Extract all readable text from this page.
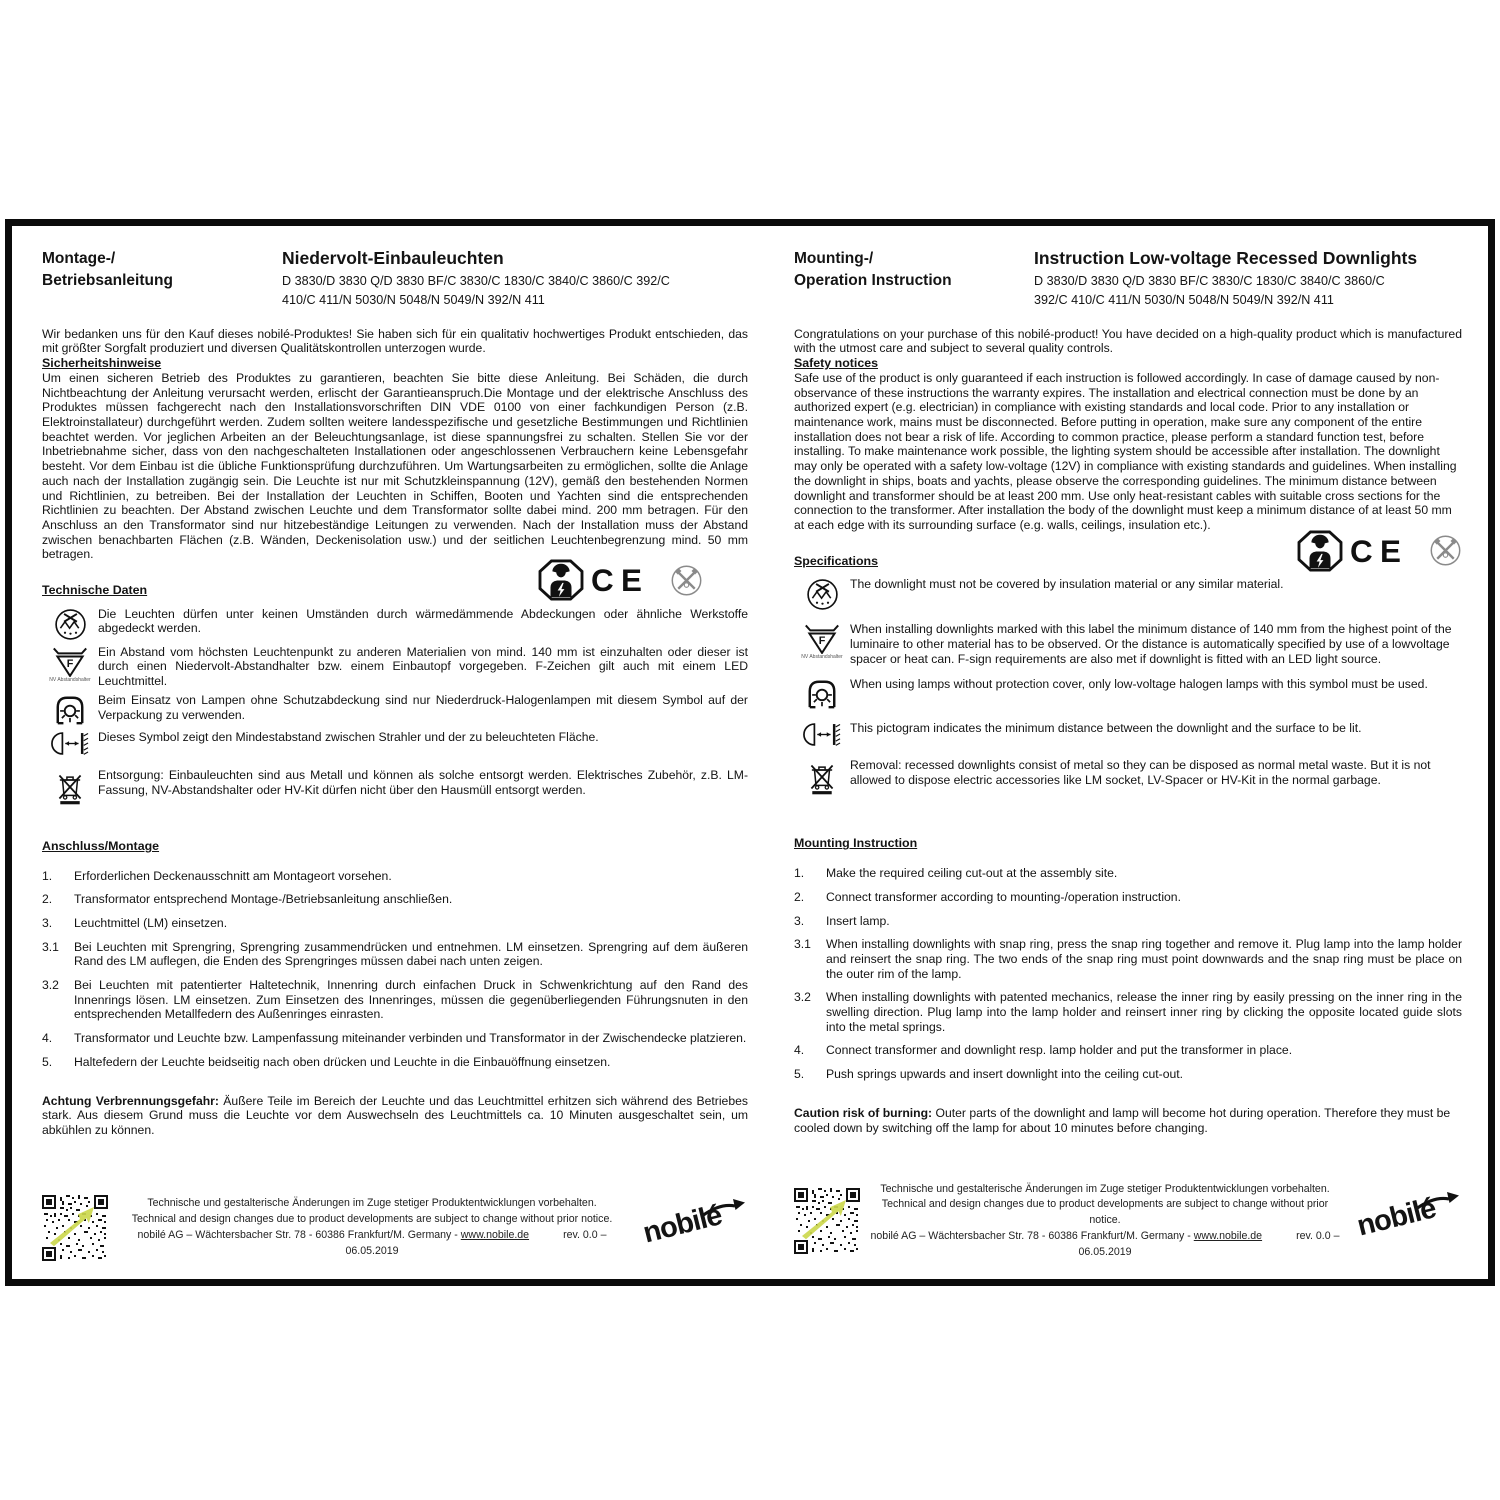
Montage-/
Betriebsanleitung
Niedervolt-Einbauleuchten
D 3830/D 3830 Q/D 3830 BF/C 3830/C 1830/C 3840/C 3860/C 392/C
410/C 411/N 5030/N 5048/N 5049/N 392/N 411
Wir bedanken uns für den Kauf dieses nobilé-Produktes! Sie haben sich für ein qualitativ hochwertiges Produkt entschieden, das mit größter Sorgfalt produziert und diversen Qualitätskontrollen unterzogen wurde.
Sicherheitshinweise
Um einen sicheren Betrieb des Produktes zu garantieren, beachten Sie bitte diese Anleitung. Bei Schäden, die durch Nichtbeachtung der Anleitung verursacht werden, erlischt der Garantieanspruch.Die Montage und der elektrische Anschluss des Produktes müssen fachgerecht nach den Installationsvorschriften DIN VDE 0100 von einer fachkundigen Person (z.B. Elektroinstallateur) durchgeführt werden. Zudem sollten weitere landesspezifische und gesetzliche Bestimmungen und Richtlinien beachtet werden. Vor jeglichen Arbeiten an der Beleuchtungsanlage, ist diese spannungsfrei zu schalten. Stellen Sie vor der Inbetriebnahme sicher, dass von den nachgeschalteten Installationen oder angeschlossenen Verbrauchern keine Lebensgefahr besteht. Vor dem Einbau ist die übliche Funktionsprüfung durchzuführen. Um Wartungsarbeiten zu ermöglichen, sollte die Anlage auch nach der Installation zugängig sein. Die Leuchte ist nur mit Schutzkleinspannung (12V), gemäß den bestehenden Normen und Richtlinien, zu betreiben. Bei der Installation der Leuchten in Schiffen, Booten und Yachten sind die entsprechenden Richtlinien zu beachten. Der Abstand zwischen Leuchte und dem Transformator sollte dabei mind. 200 mm betragen. Für den Anschluss an den Transformator sind nur hitzebeständige Leitungen zu verwenden. Nach der Installation muss der Abstand zwischen benachbarten Flächen (z.B. Wänden, Deckenisolation usw.) und der seitlichen Leuchtenbegrenzung mind. 50 mm betragen.
Technische Daten
Die Leuchten dürfen unter keinen Umständen durch wärmedämmende Abdeckungen oder ähnliche Werkstoffe abgedeckt werden.
NV Abstandshalter
Ein Abstand vom höchsten Leuchtenpunkt zu anderen Materialien von mind. 140 mm ist einzuhalten oder dieser ist durch einen Niedervolt-Abstandhalter bzw. einem Einbautopf vorgegeben. F-Zeichen gilt auch mit einem LED Leuchtmittel.
Beim Einsatz von Lampen ohne Schutzabdeckung sind nur Niederdruck-Halogenlampen mit diesem Symbol auf der Verpackung zu verwenden.
Dieses Symbol zeigt den Mindestabstand zwischen Strahler und der zu beleuchteten Fläche.
Entsorgung: Einbauleuchten sind aus Metall und können als solche entsorgt werden. Elektrisches Zubehör, z.B. LM-Fassung, NV-Abstandshalter oder HV-Kit dürfen nicht über den Hausmüll entsorgt werden.
Anschluss/Montage
1.	Erforderlichen Deckenausschnitt am Montageort vorsehen.
2.	Transformator entsprechend Montage-/Betriebsanleitung anschließen.
3.	Leuchtmittel (LM) einsetzen.
3.1	Bei Leuchten mit Sprengring, Sprengring zusammendrücken und entnehmen. LM einsetzen. Sprengring auf dem äußeren Rand des LM auflegen, die Enden des Sprengringes müssen dabei nach unten zeigen.
3.2	Bei Leuchten mit patentierter Haltetechnik, Innenring durch einfachen Druck in Schwenkrichtung auf den Rand des Innenrings lösen. LM einsetzen. Zum Einsetzen des Innenringes, müssen die gegenüberliegenden Führungsnuten in den entsprechenden Metallfedern des Außenringes einrasten.
4.	Transformator und Leuchte bzw. Lampenfassung miteinander verbinden und Transformator in der Zwischendecke platzieren.
5.	Haltefedern der Leuchte beidseitig nach oben drücken und Leuchte in die Einbauöffnung einsetzen.
Achtung Verbrennungsgefahr: Äußere Teile im Bereich der Leuchte und das Leuchtmittel erhitzen sich während des Betriebes stark. Aus diesem Grund muss die Leuchte vor dem Auswechseln des Leuchtmittels ca. 10 Minuten ausgeschaltet sein, um abkühlen zu können.
Technische und gestalterische Änderungen im Zuge stetiger Produktentwicklungen vorbehalten.
Technical and design changes due to product developments are subject to change without prior notice.
nobilé AG – Wächtersbacher Str. 78 - 60386 Frankfurt/M. Germany - www.nobile.de	rev. 0.0 – 06.05.2019
nobilé
Mounting-/
Operation Instruction
Instruction Low-voltage Recessed Downlights
D 3830/D 3830 Q/D 3830 BF/C 3830/C 1830/C 3840/C 3860/C
392/C 410/C 411/N 5030/N 5048/N 5049/N 392/N 411
Congratulations on your purchase of this nobilé-product! You have decided on a high-quality product which is manufactured with the utmost care and subject to several quality controls.
Safety notices
Safe use of the product is only guaranteed if each instruction is followed accordingly. In case of damage caused by non-observance of these instructions the warranty expires. The installation and electrical connection must be done by an authorized expert (e.g. electrician) in compliance with existing standards and local code. Prior to any installation or maintenance work, mains must be disconnected. Before putting in operation, make sure any component of the entire installation does not bear a risk of life. According to common practice, please perform a standard function test, before installing. To make maintenance work possible, the lighting system should be accessible after installation. The downlight may only be operated with a safety low-voltage (12V) in compliance with existing standards and guidelines. When installing the downlight in ships, boats and yachts, please observe the corresponding guidelines. The minimum distance between downlight and transformer should be at least 200 mm. Use only heat-resistant cables with suitable cross sections for the connection to the transformer. After installation the body of the downlight must keep a minimum distance of at least 50 mm at each edge with its surrounding surface (e.g. walls, ceilings, insulation etc.).
Specifications
The downlight must not be covered by insulation material or any similar material.
NV Abstandshalter
When installing downlights marked with this label the minimum distance of 140 mm from the highest point of the luminaire to other material has to be observed. Or the distance is automatically specified by use of a lowvoltage spacer or heat can. F-sign requirements are also met if downlight is fitted with an LED light source.
When using lamps without protection cover, only low-voltage halogen lamps with this symbol must be used.
This pictogram indicates the minimum distance between the downlight and the surface to be lit.
Removal: recessed downlights consist of metal so they can be disposed as normal metal waste. But it is not allowed to dispose electric accessories like LM socket, LV-Spacer or HV-Kit in the normal garbage.
Mounting Instruction
1.	Make the required ceiling cut-out at the assembly site.
2.	Connect transformer according to mounting-/operation instruction.
3.	Insert lamp.
3.1	When installing downlights with snap ring, press the snap ring together and remove it. Plug lamp into the lamp holder and reinsert the snap ring. The two ends of the snap ring must point downwards and the snap ring must be place on the outer rim of the lamp.
3.2	When installing downlights with patented mechanics, release the inner ring by easily pressing on the inner ring in the swelling direction. Plug lamp into the lamp holder and reinsert inner ring by clicking the opposite located guide slots into the metal springs.
4.	Connect transformer and downlight resp. lamp holder and put the transformer in place.
5.	Push springs upwards and insert downlight into the ceiling cut-out.
Caution risk of burning: Outer parts of the downlight and lamp will become hot during operation. Therefore they must be cooled down by switching off the lamp for about 10 minutes before changing.
Technische und gestalterische Änderungen im Zuge stetiger Produktentwicklungen vorbehalten.
Technical and design changes due to product developments are subject to change without prior notice.
nobilé AG – Wächtersbacher Str. 78 - 60386 Frankfurt/M. Germany - www.nobile.de	rev. 0.0 – 06.05.2019
nobilé
